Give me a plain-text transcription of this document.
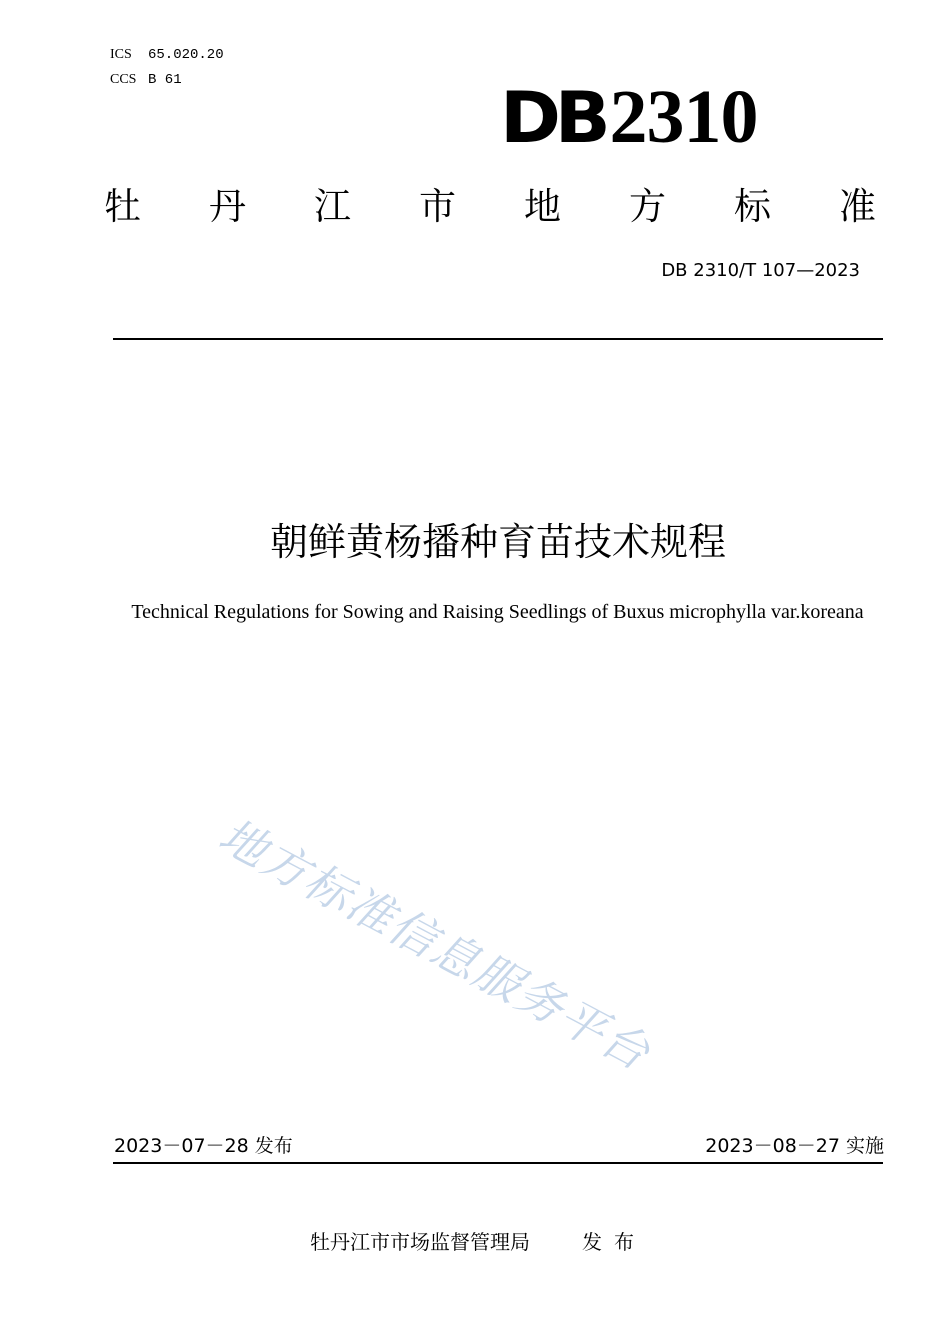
ICS 65.020.20
CCS B 61	DB2310
牡 丹 江 市 地 方 标 准
DB 2310/T 107—2023
朝鲜黄杨播种育苗技术规程
Technical Regulations for Sowing and Raising Seedlings of Buxus microphylla var.koreana
地方标准信息服务平台
2023－07－28 发布	2023－08－27 实施
牡丹江市市场监督管理局	发 布
